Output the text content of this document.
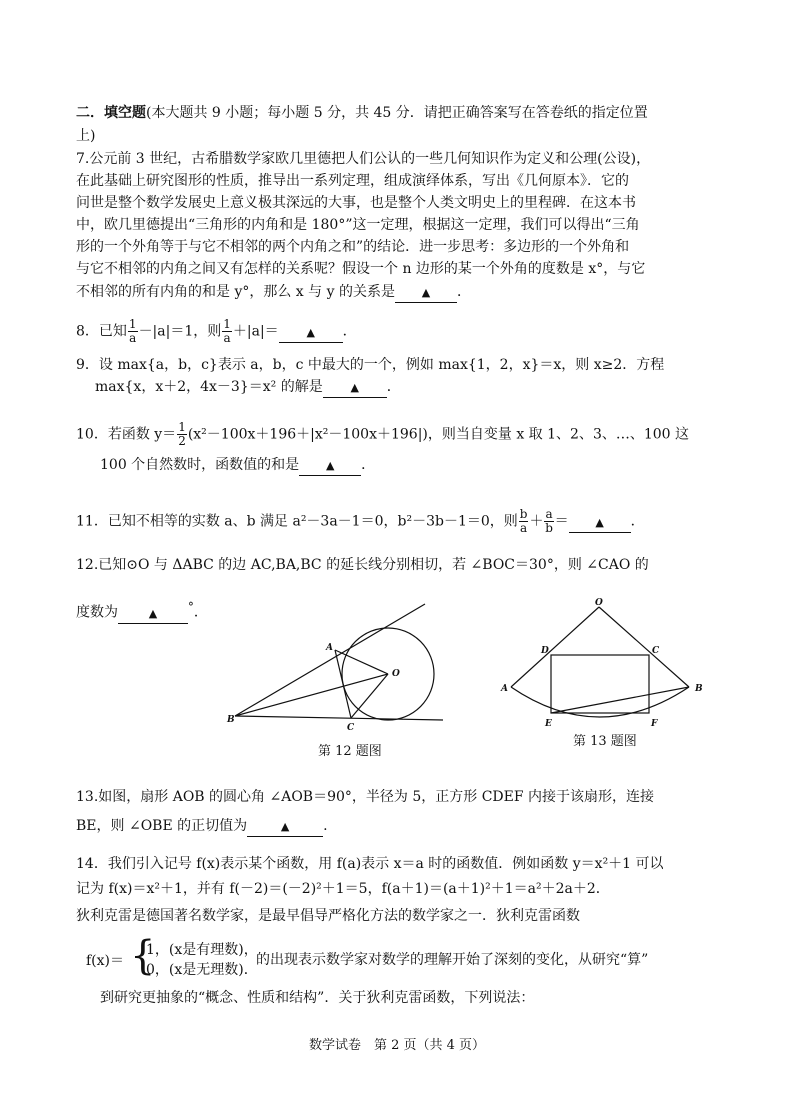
二．填空题(本大题共 9 小题；每小题 5 分，共 45 分．请把正确答案写在答卷纸的指定位置
上)
7.公元前 3 世纪，古希腊数学家欧几里德把人们公认的一些几何知识作为定义和公理(公设)，
在此基础上研究图形的性质，推导出一系列定理，组成演绎体系，写出《几何原本》．它的
问世是整个数学发展史上意义极其深远的大事，也是整个人类文明史上的里程碑．在这本书
中，欧几里德提出“三角形的内角和是 180°”这一定理，根据这一定理，我们可以得出“三角
形的一个外角等于与它不相邻的两个内角之和”的结论．进一步思考：多边形的一个外角和
与它不相邻的内角之间又有怎样的关系呢？假设一个 n 边形的某一个外角的度数是 x°，与它
不相邻的所有内角的和是 y°，那么 x 与 y 的关系是 ▲ ．
8．已知 $\frac{1}{a} -|a|=1$，则 $\frac{1}{a} +|a|=$	▲ ．
9．设 max{a，b，c}表示 a，b，c 中最大的一个，例如 max{1，2，x}＝x，则 x≥2．方程
max{x，x＋2，4x－3}＝x² 的解是	▲ ．
10．若函数 $y= \frac{1}{2} (x^2-100x+196+|x^2-100x+196|)$，则当自变量 x 取 1、2、3、…、100 这
100 个自然数时，函数值的和是 ▲ ．
11．已知不相等的实数 a、b 满足 a²－3a－1＝0，b²－3b－1＝0，则 $\frac{b}{a} + \frac{a}{b}$ ＝ ▲ ．
12.已知⊙O 与 ΔABC 的边 AC,BA,BC 的延长线分别相切，若 ∠BOC＝30°，则 ∠CAO 的
度数为	▲	°．
A
O
B
C
第 12 题图
O
D	C
A	B
E	F
第 13 题图
13.如图，扇形 AOB 的圆心角 ∠AOB＝90°，半径为 5，正方形 CDEF 内接于该扇形，连接
BE，则 ∠OBE 的正切值为	▲ .
14．我们引入记号 f(x)表示某个函数，用 f(a)表示 x＝a 时的函数值．例如函数 y＝x²＋1 可以
记为 f(x)＝x²＋1，并有 f(－2)＝(－2)²＋1＝5，f(a＋1)＝(a＋1)²＋1＝a²＋2a＋2．
狄利克雷是德国著名数学家，是最早倡导严格化方法的数学家之一．狄利克雷函数
f(x)＝ {
1，(x是有理数)，
0，(x是无理数)．
的出现表示数学家对数学的理解开始了深刻的变化，从研究“算”
到研究更抽象的“概念、性质和结构”．关于狄利克雷函数，下列说法：
数学试卷　第 2 页（共 4 页）
